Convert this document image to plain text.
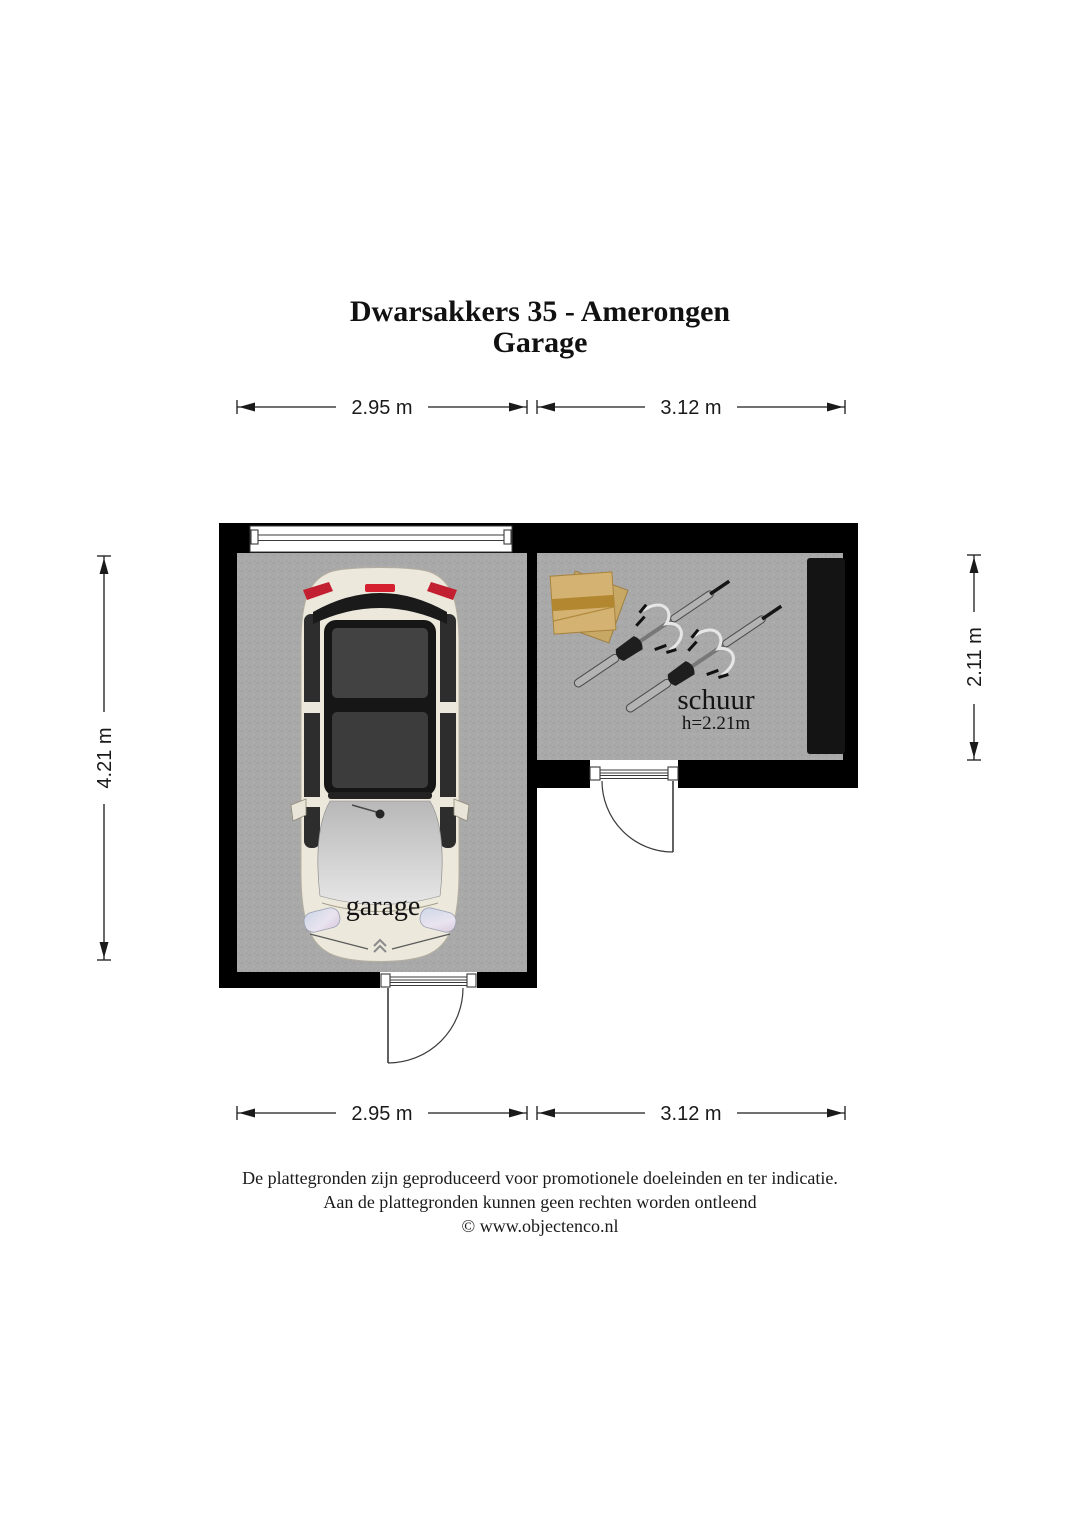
Dwarsakkers 35 - Amerongen
Garage
garage
schuur
h=2.21m
2.95 m	3.12 m
2.95 m	3.12 m
4.21 m
2.11 m
De plattegronden zijn geproduceerd voor promotionele doeleinden en ter indicatie.
Aan de plattegronden kunnen geen rechten worden ontleend
© www.objectenco.nl
